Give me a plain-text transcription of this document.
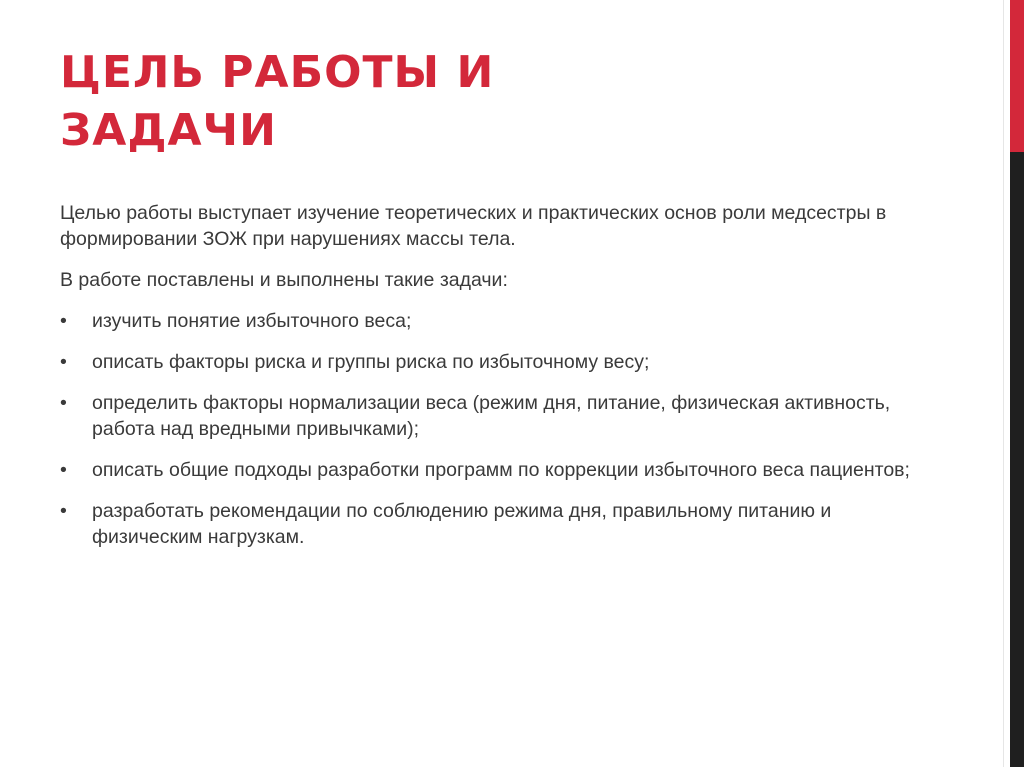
ЦЕЛЬ РАБОТЫ И
ЗАДАЧИ

Целью работы выступает изучение теоретических и практических основ роли медсестры в формировании ЗОЖ при нарушениях массы тела.

В работе поставлены и выполнены такие задачи:

• изучить понятие избыточного веса;
• описать факторы риска и группы риска по избыточному весу;
• определить факторы нормализации веса (режим дня, питание, физическая активность, работа над вредными привычками);
• описать общие подходы разработки программ по коррекции избыточного веса пациентов;
• разработать рекомендации по соблюдению режима дня, правильному питанию и физическим нагрузкам.
